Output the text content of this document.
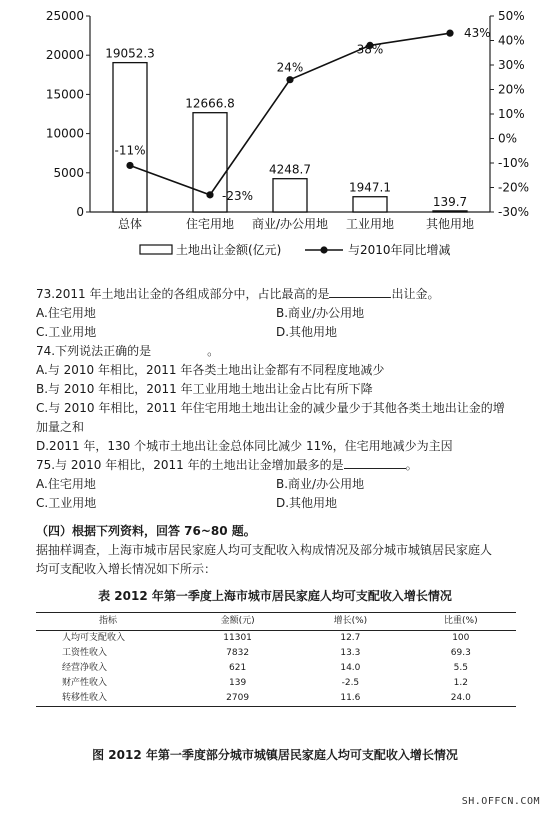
0
5000
10000
15000
20000
25000
-30%
-20%
-10%
0%
10%
20%
30%
40%
50%
19052.3
12666.8
4248.7
1947.1
139.7
-11%
-23%
24%
38%
43%
总体	住宅用地 商业/办公用地 工业用地	其他用地
土地出让金额(亿元)	与2010年同比增减
73.2011 年土地出让金的各组成部分中，占比最高的是	出让金。
A.住宅用地	B.商业/办公用地
C.工业用地	D.其他用地
74.下列说法正确的是	。
A.与 2010 年相比，2011 年各类土地出让金都有不同程度地减少
B.与 2010 年相比，2011 年工业用地土地出让金占比有所下降
C.与 2010 年相比，2011 年住宅用地土地出让金的减少量少于其他各类土地出让金的增
加量之和
D.2011 年，130 个城市土地出让金总体同比减少 11%，住宅用地减少为主因
75.与 2010 年相比，2011 年的土地出让金增加最多的是	。
A.住宅用地	B.商业/办公用地
C.工业用地	D.其他用地
（四）根据下列资料，回答 76~80 题。
据抽样调查，上海市城市居民家庭人均可支配收入构成情况及部分城市城镇居民家庭人
均可支配收入增长情况如下所示：
表 2012 年第一季度上海市城市居民家庭人均可支配收入增长情况
指标	金额(元)	增长(%)	比重(%)
人均可支配收入	11301	12.7	100
工资性收入	7832	13.3	69.3
经营净收入	621	14.0	5.5
财产性收入	139	-2.5	1.2
转移性收入	2709	11.6	24.0
图 2012 年第一季度部分城市城镇居民家庭人均可支配收入增长情况
SH.OFFCN.COM
